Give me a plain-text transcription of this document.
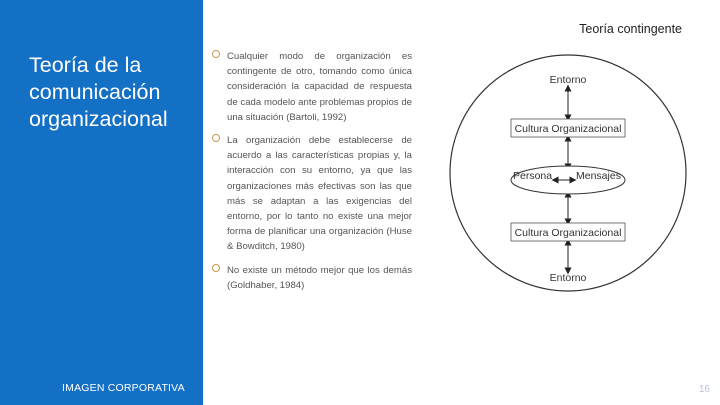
Teoría de la comunicación organizacional
IMAGEN CORPORATIVA
Teoría contingente
Cualquier modo de organización es contingente de otro, tomando como única consideración la capacidad de respuesta de cada modelo ante problemas propios de una situación (Bartoli, 1992)
La organización debe establecerse de acuerdo a las características propias y, la interacción con su entorno, ya que las organizaciones más efectivas son las que más se adaptan a las exigencias del entorno, por lo tanto no existe una mejor forma de planificar una organización (Huse & Bowditch, 1980)
No existe un método mejor que los demás (Goldhaber, 1984)
Entorno
Cultura Organizacional
Persona Mensajes
Cultura Organizacional
Entorno
16
